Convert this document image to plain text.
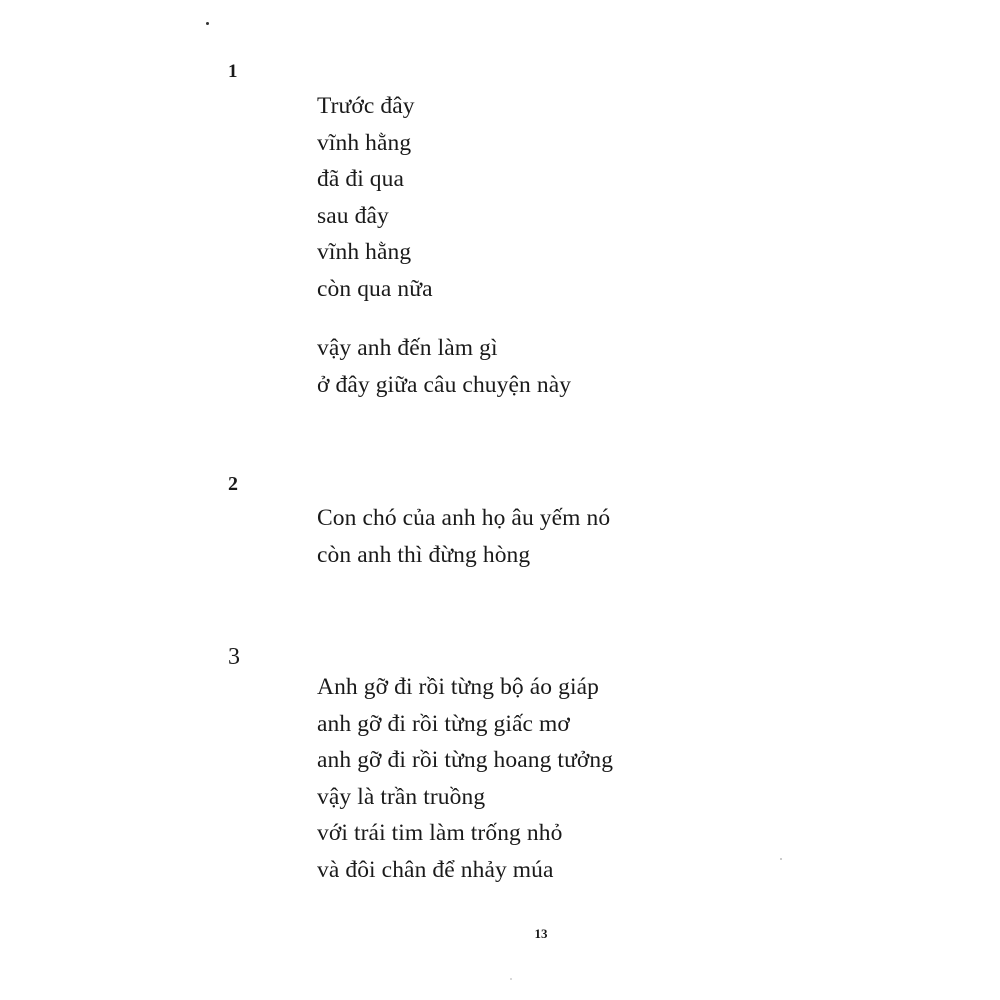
1
Trước đây
vĩnh hằng
đã đi qua
sau đây
vĩnh hằng
còn qua nữa
vậy anh đến làm gì
ở đây giữa câu chuyện này
2
Con chó của anh họ âu yếm nó
còn anh thì đừng hòng
3
Anh gỡ đi rồi từng bộ áo giáp
anh gỡ đi rồi từng giấc mơ
anh gỡ đi rồi từng hoang tưởng
vậy là trần truồng
với trái tim làm trống nhỏ
và đôi chân để nhảy múa
13
